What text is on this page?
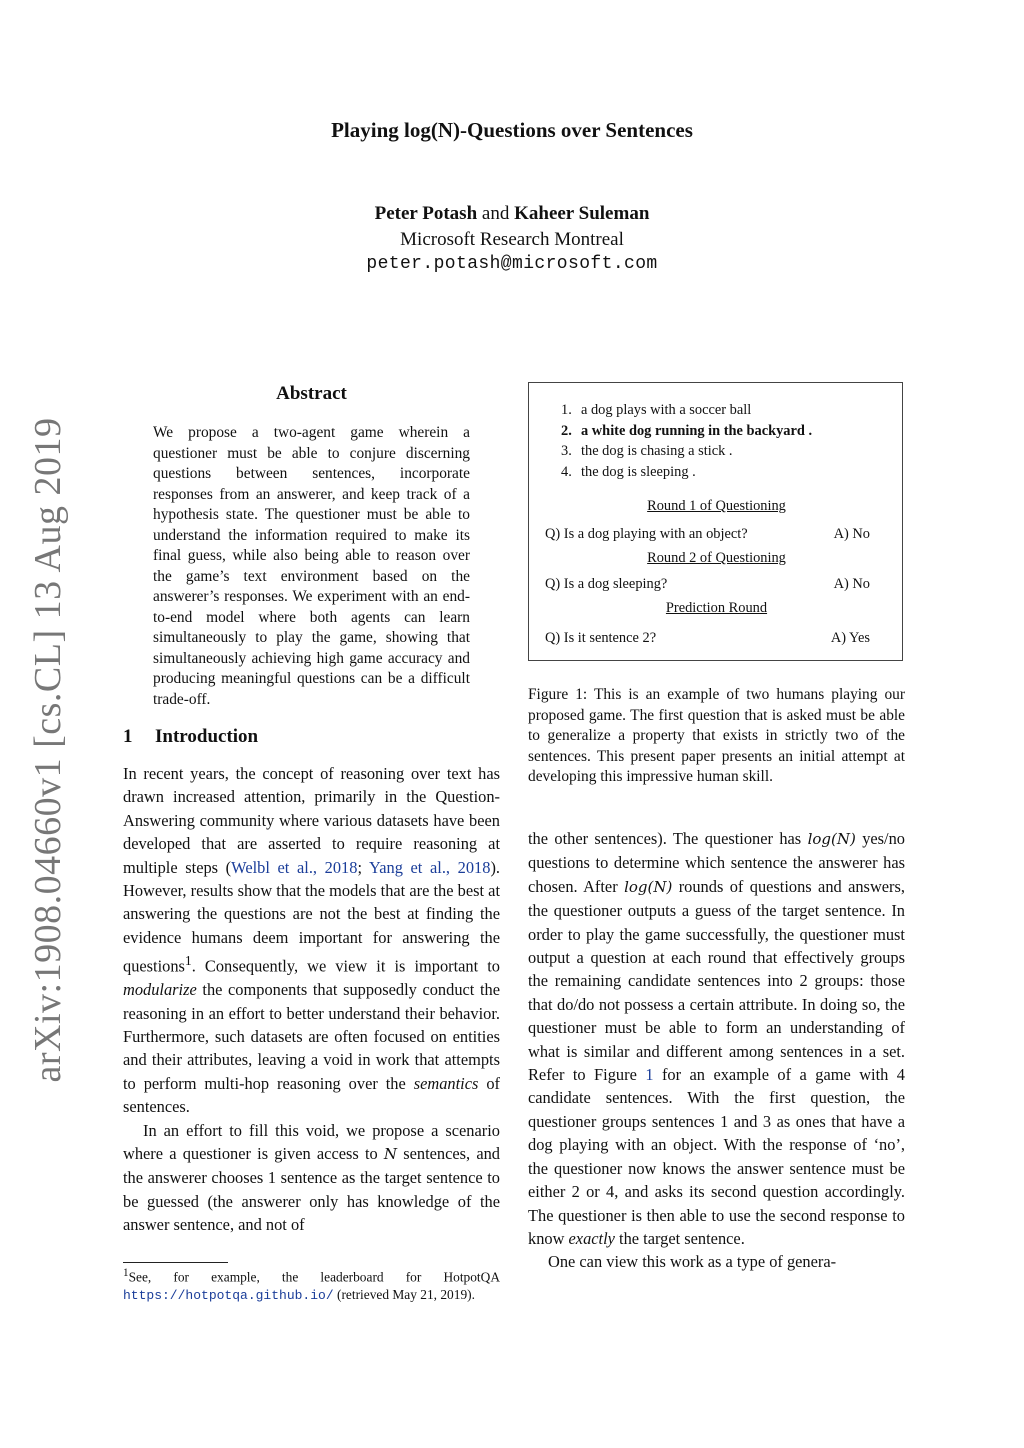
arXiv:1908.04660v1 [cs.CL] 13 Aug 2019
Playing log(N)-Questions over Sentences
Peter Potash and Kaheer Suleman
Microsoft Research Montreal
peter.potash@microsoft.com
Abstract

We propose a two-agent game wherein a questioner must be able to conjure discerning questions between sentences, incorporate responses from an answerer, and keep track of a hypothesis state. The questioner must be able to understand the information required to make its final guess, while also being able to reason over the game’s text environment based on the answerer’s responses. We experiment with an end-to-end model where both agents can learn simultaneously to play the game, showing that simultaneously achieving high game accuracy and producing meaningful questions can be a difficult trade-off.

1 Introduction

In recent years, the concept of reasoning over text has drawn increased attention, primarily in the Question-Answering community where various datasets have been developed that are asserted to require reasoning at multiple steps (Welbl et al., 2018; Yang et al., 2018). However, results show that the models that are the best at answering the questions are not the best at finding the evidence humans deem important for answering the questions$^1$. Consequently, we view it is important to modularize the components that supposedly conduct the reasoning in an effort to better understand their behavior. Furthermore, such datasets are often focused on entities and their attributes, leaving a void in work that attempts to perform multi-hop reasoning over the semantics of sentences.

In an effort to fill this void, we propose a scenario where a questioner is given access to N sentences, and the answerer chooses 1 sentence as the target sentence to be guessed (the answerer only has knowledge of the answer sentence, and not of

$^1$See, for example, the leaderboard for HotpotQA https://hotpotqa.github.io/ (retrieved May 21, 2019).
1. a dog plays with a soccer ball
2. a white dog running in the backyard .
3. the dog is chasing a stick .
4. the dog is sleeping .
Round 1 of Questioning
Q) Is a dog playing with an object?	A) No
Round 2 of Questioning
Q) Is a dog sleeping?	A) No
Prediction Round
Q) Is it sentence 2?	A) Yes

Figure 1: This is an example of two humans playing our proposed game. The first question that is asked must be able to generalize a property that exists in strictly two of the sentences. This present paper presents an initial attempt at developing this impressive human skill.

the other sentences). The questioner has log(N) yes/no questions to determine which sentence the answerer has chosen. After log(N) rounds of questions and answers, the questioner outputs a guess of the target sentence. In order to play the game successfully, the questioner must output a question at each round that effectively groups the remaining candidate sentences into 2 groups: those that do/do not possess a certain attribute. In doing so, the questioner must be able to form an understanding of what is similar and different among sentences in a set. Refer to Figure 1 for an example of a game with 4 candidate sentences. With the first question, the questioner groups sentences 1 and 3 as ones that have a dog playing with an object. With the response of ‘no’, the questioner now knows the answer sentence must be either 2 or 4, and asks its second question accordingly. The questioner is then able to use the second response to know exactly the target sentence.

One can view this work as a type of genera-
